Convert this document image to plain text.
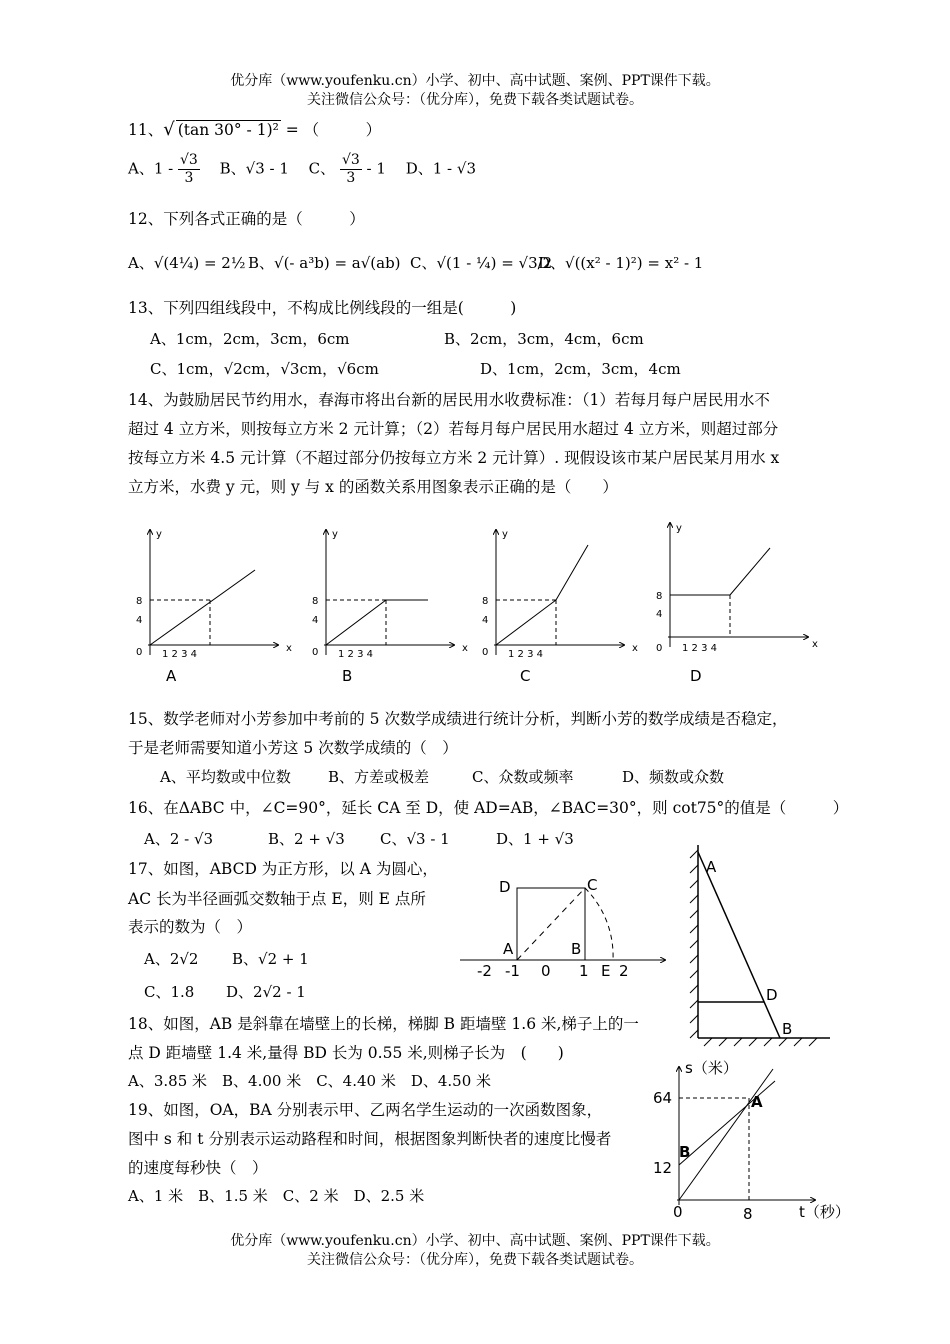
优分库（www.youfenku.cn）小学、初中、高中试题、案例、PPT课件下载。
关注微信公众号：（优分库），免费下载各类试题试卷。
11、√ (tan 30° - 1)² = （　　　）
A、$1 - \frac{√3}{3}$
　 B、√3 - 1 　 C、 $\frac{√3}{3} - 1$ 　 D、1 - √3
12、下列各式正确的是（　　　）
A、√(4¼) = 2½ B、√(- a³b) = a√(ab) C、√(1 - ¼) = √3/2
D、√((x² - 1)²) = x² - 1
13、下列四组线段中，不构成比例线段的一组是(　　　)
A、1cm，2cm，3cm，6cm	B、2cm，3cm，4cm，6cm
C、1cm，√2cm，√3cm，√6cm	D、1cm，2cm，3cm，4cm
14、为鼓励居民节约用水，春海市将出台新的居民用水收费标准：（1）若每月每户居民用水不
超过 4 立方米，则按每立方米 2 元计算；（2）若每月每户居民用水超过 4 立方米，则超过部分
按每立方米 4.5 元计算（不超过部分仍按每立方米 2 元计算）. 现假设该市某户居民某月用水 x
立方米，水费 y 元，则 y 与 x 的函数关系用图象表示正确的是（　　）
y
x
0
8
4
1 2 3 4
A
y
x
0
8
4
1 2 3 4
B
y
x
0
8
4
1 2 3 4
C
y
x
0
8
4
1 2 3 4
D
15、数学老师对小芳参加中考前的 5 次数学成绩进行统计分析，判断小芳的数学成绩是否稳定，
于是老师需要知道小芳这 5 次数学成绩的（　）
A、平均数或中位数 B、方差或极差	C、众数或频率	D、频数或众数
16、在ΔABC 中，∠C=90°，延长 CA 至 D，使 AD=AB，∠BAC=30°，则 cot75°的值是（　　　）
A、2 - √3	B、2 + √3 C、√3 - 1	D、1 + √3
17、如图，ABCD 为正方形，以 A 为圆心，
AC 长为半径画弧交数轴于点 E，则 E 点所
表示的数为（　）
A、2√2 B、√2 + 1
C、1.8 D、2√2 - 1
D	C
A	B
-2 -1 0 1 E 2
18、如图，AB 是斜靠在墙壁上的长梯，梯脚 B 距墙壁 1.6 米,梯子上的一
点 D 距墙壁 1.4 米,量得 BD 长为 0.55 米,则梯子长为　(　　)
A、3.85 米　B、4.00 米　C、4.40 米　D、4.50 米
A
D
B
19、如图，OA，BA 分别表示甲、乙两名学生运动的一次函数图象，
图中 s 和 t 分别表示运动路程和时间，根据图象判断快者的速度比慢者
的速度每秒快（　）
A、1 米　B、1.5 米　C、2 米　D、2.5 米
s（米）
t（秒）
64
12
8
0
A
B
优分库（www.youfenku.cn）小学、初中、高中试题、案例、PPT课件下载。
关注微信公众号：（优分库），免费下载各类试题试卷。
